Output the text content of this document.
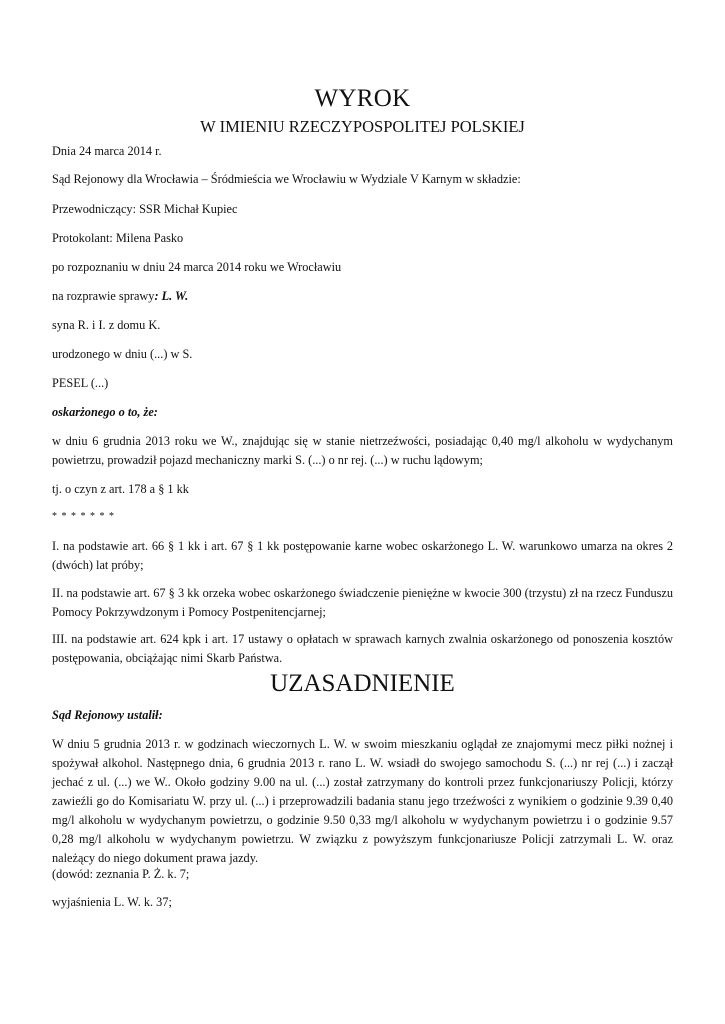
WYROK
W IMIENIU RZECZYPOSPOLITEJ POLSKIEJ
Dnia 24 marca 2014 r.
Sąd Rejonowy dla Wrocławia – Śródmieścia we Wrocławiu w Wydziale V Karnym w składzie:
Przewodniczący: SSR Michał Kupiec
Protokolant: Milena Pasko
po rozpoznaniu w dniu 24 marca 2014 roku we Wrocławiu
na rozprawie sprawy: L. W.
syna R. i I. z domu K.
urodzonego w dniu (...) w S.
PESEL (...)
oskarżonego o to, że:
w dniu 6 grudnia 2013 roku we W., znajdując się w stanie nietrzeźwości, posiadając 0,40 mg/l alkoholu w wydychanym powietrzu, prowadził pojazd mechaniczny marki S. (...) o nr rej. (...) w ruchu lądowym;
tj. o czyn z art. 178 a § 1 kk
* * * * * * *
I. na podstawie art. 66 § 1 kk i art. 67 § 1 kk postępowanie karne wobec oskarżonego L. W. warunkowo umarza na okres 2 (dwóch) lat próby;
II. na podstawie art. 67 § 3 kk orzeka wobec oskarżonego świadczenie pieniężne w kwocie 300 (trzystu) zł na rzecz Funduszu Pomocy Pokrzywdzonym i Pomocy Postpenitencjarnej;
III. na podstawie art. 624 kpk i art. 17 ustawy o opłatach w sprawach karnych zwalnia oskarżonego od ponoszenia kosztów postępowania, obciążając nimi Skarb Państwa.
UZASADNIENIE
Sąd Rejonowy ustalił:
W dniu 5 grudnia 2013 r. w godzinach wieczornych L. W. w swoim mieszkaniu oglądał ze znajomymi mecz piłki nożnej i spożywał alkohol. Następnego dnia, 6 grudnia 2013 r. rano L. W. wsiadł do swojego samochodu S. (...) nr rej (...) i zaczął jechać z ul. (...) we W.. Około godziny 9.00 na ul. (...) został zatrzymany do kontroli przez funkcjonariuszy Policji, którzy zawieźli go do Komisariatu W. przy ul. (...) i przeprowadzili badania stanu jego trzeźwości z wynikiem o godzinie 9.39 0,40 mg/l alkoholu w wydychanym powietrzu, o godzinie 9.50 0,33 mg/l alkoholu w wydychanym powietrzu i o godzinie 9.57 0,28 mg/l alkoholu w wydychanym powietrzu. W związku z powyższym funkcjonariusze Policji zatrzymali L. W. oraz należący do niego dokument prawa jazdy.
(dowód: zeznania P. Ż. k. 7;
wyjaśnienia L. W. k. 37;
